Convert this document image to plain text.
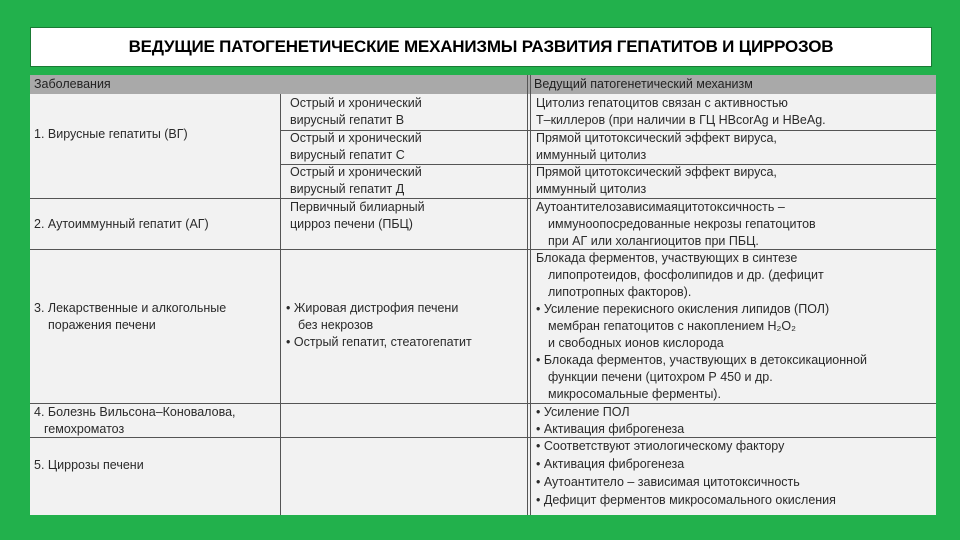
ВЕДУЩИЕ ПАТОГЕНЕТИЧЕСКИЕ МЕХАНИЗМЫ РАЗВИТИЯ ГЕПАТИТОВ И ЦИРРОЗОВ
Заболевания	Ведущий патогенетический механизм
1. Вирусные гепатиты (ВГ)
Острый и хронический
вирусный гепатит В
Цитолиз гепатоцитов связан с активностью
Т–киллеров (при наличии в ГЦ HBcorAg и HBeAg.
Острый и хронический
вирусный гепатит С
Прямой цитотоксический эффект вируса,
иммунный цитолиз
Острый и хронический
вирусный гепатит Д
Прямой цитотоксический эффект вируса,
иммунный цитолиз
2. Аутоиммунный гепатит (АГ)
Первичный билиарный
цирроз печени (ПБЦ)
Аутоантителозависимаяцитотоксичность –
иммуноопосредованные некрозы гепатоцитов
при АГ или холангиоцитов при ПБЦ.
3. Лекарственные и алкогольные
поражения печени
• Жировая дистрофия печени
без некрозов
• Острый гепатит, стеатогепатит
Блокада ферментов, участвующих в синтезе
липопротеидов, фосфолипидов и др. (дефицит
липотропных факторов).
• Усиление перекисного окисления липидов (ПОЛ)
мембран гепатоцитов с накоплением H₂O₂
и свободных ионов кислорода
• Блокада ферментов, участвующих в детоксикационной
функции печени (цитохром Р 450 и др.
микросомальные ферменты).
4. Болезнь Вильсона–Коновалова,
гемохроматоз
• Усиление ПОЛ
• Активация фиброгенеза
5. Циррозы печени
• Соответствуют этиологическому фактору
• Активация фиброгенеза
• Аутоантитело – зависимая цитотоксичность
• Дефицит ферментов микросомального окисления
